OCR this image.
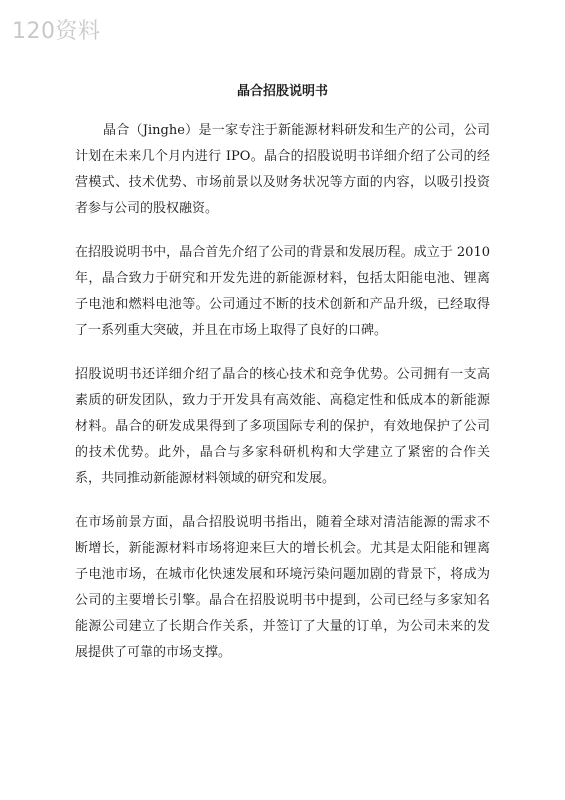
120资料
晶合招股说明书

晶合（Jinghe）是一家专注于新能源材料研发和生产的公司，公司计划在未来几个月内进行 IPO。晶合的招股说明书详细介绍了公司的经营模式、技术优势、市场前景以及财务状况等方面的内容，以吸引投资者参与公司的股权融资。

在招股说明书中，晶合首先介绍了公司的背景和发展历程。成立于 2010 年，晶合致力于研究和开发先进的新能源材料，包括太阳能电池、锂离子电池和燃料电池等。公司通过不断的技术创新和产品升级，已经取得了一系列重大突破，并且在市场上取得了良好的口碑。

招股说明书还详细介绍了晶合的核心技术和竞争优势。公司拥有一支高素质的研发团队，致力于开发具有高效能、高稳定性和低成本的新能源材料。晶合的研发成果得到了多项国际专利的保护，有效地保护了公司的技术优势。此外，晶合与多家科研机构和大学建立了紧密的合作关系，共同推动新能源材料领域的研究和发展。

在市场前景方面，晶合招股说明书指出，随着全球对清洁能源的需求不断增长，新能源材料市场将迎来巨大的增长机会。尤其是太阳能和锂离子电池市场，在城市化快速发展和环境污染问题加剧的背景下，将成为公司的主要增长引擎。晶合在招股说明书中提到，公司已经与多家知名能源公司建立了长期合作关系，并签订了大量的订单，为公司未来的发展提供了可靠的市场支撑。
